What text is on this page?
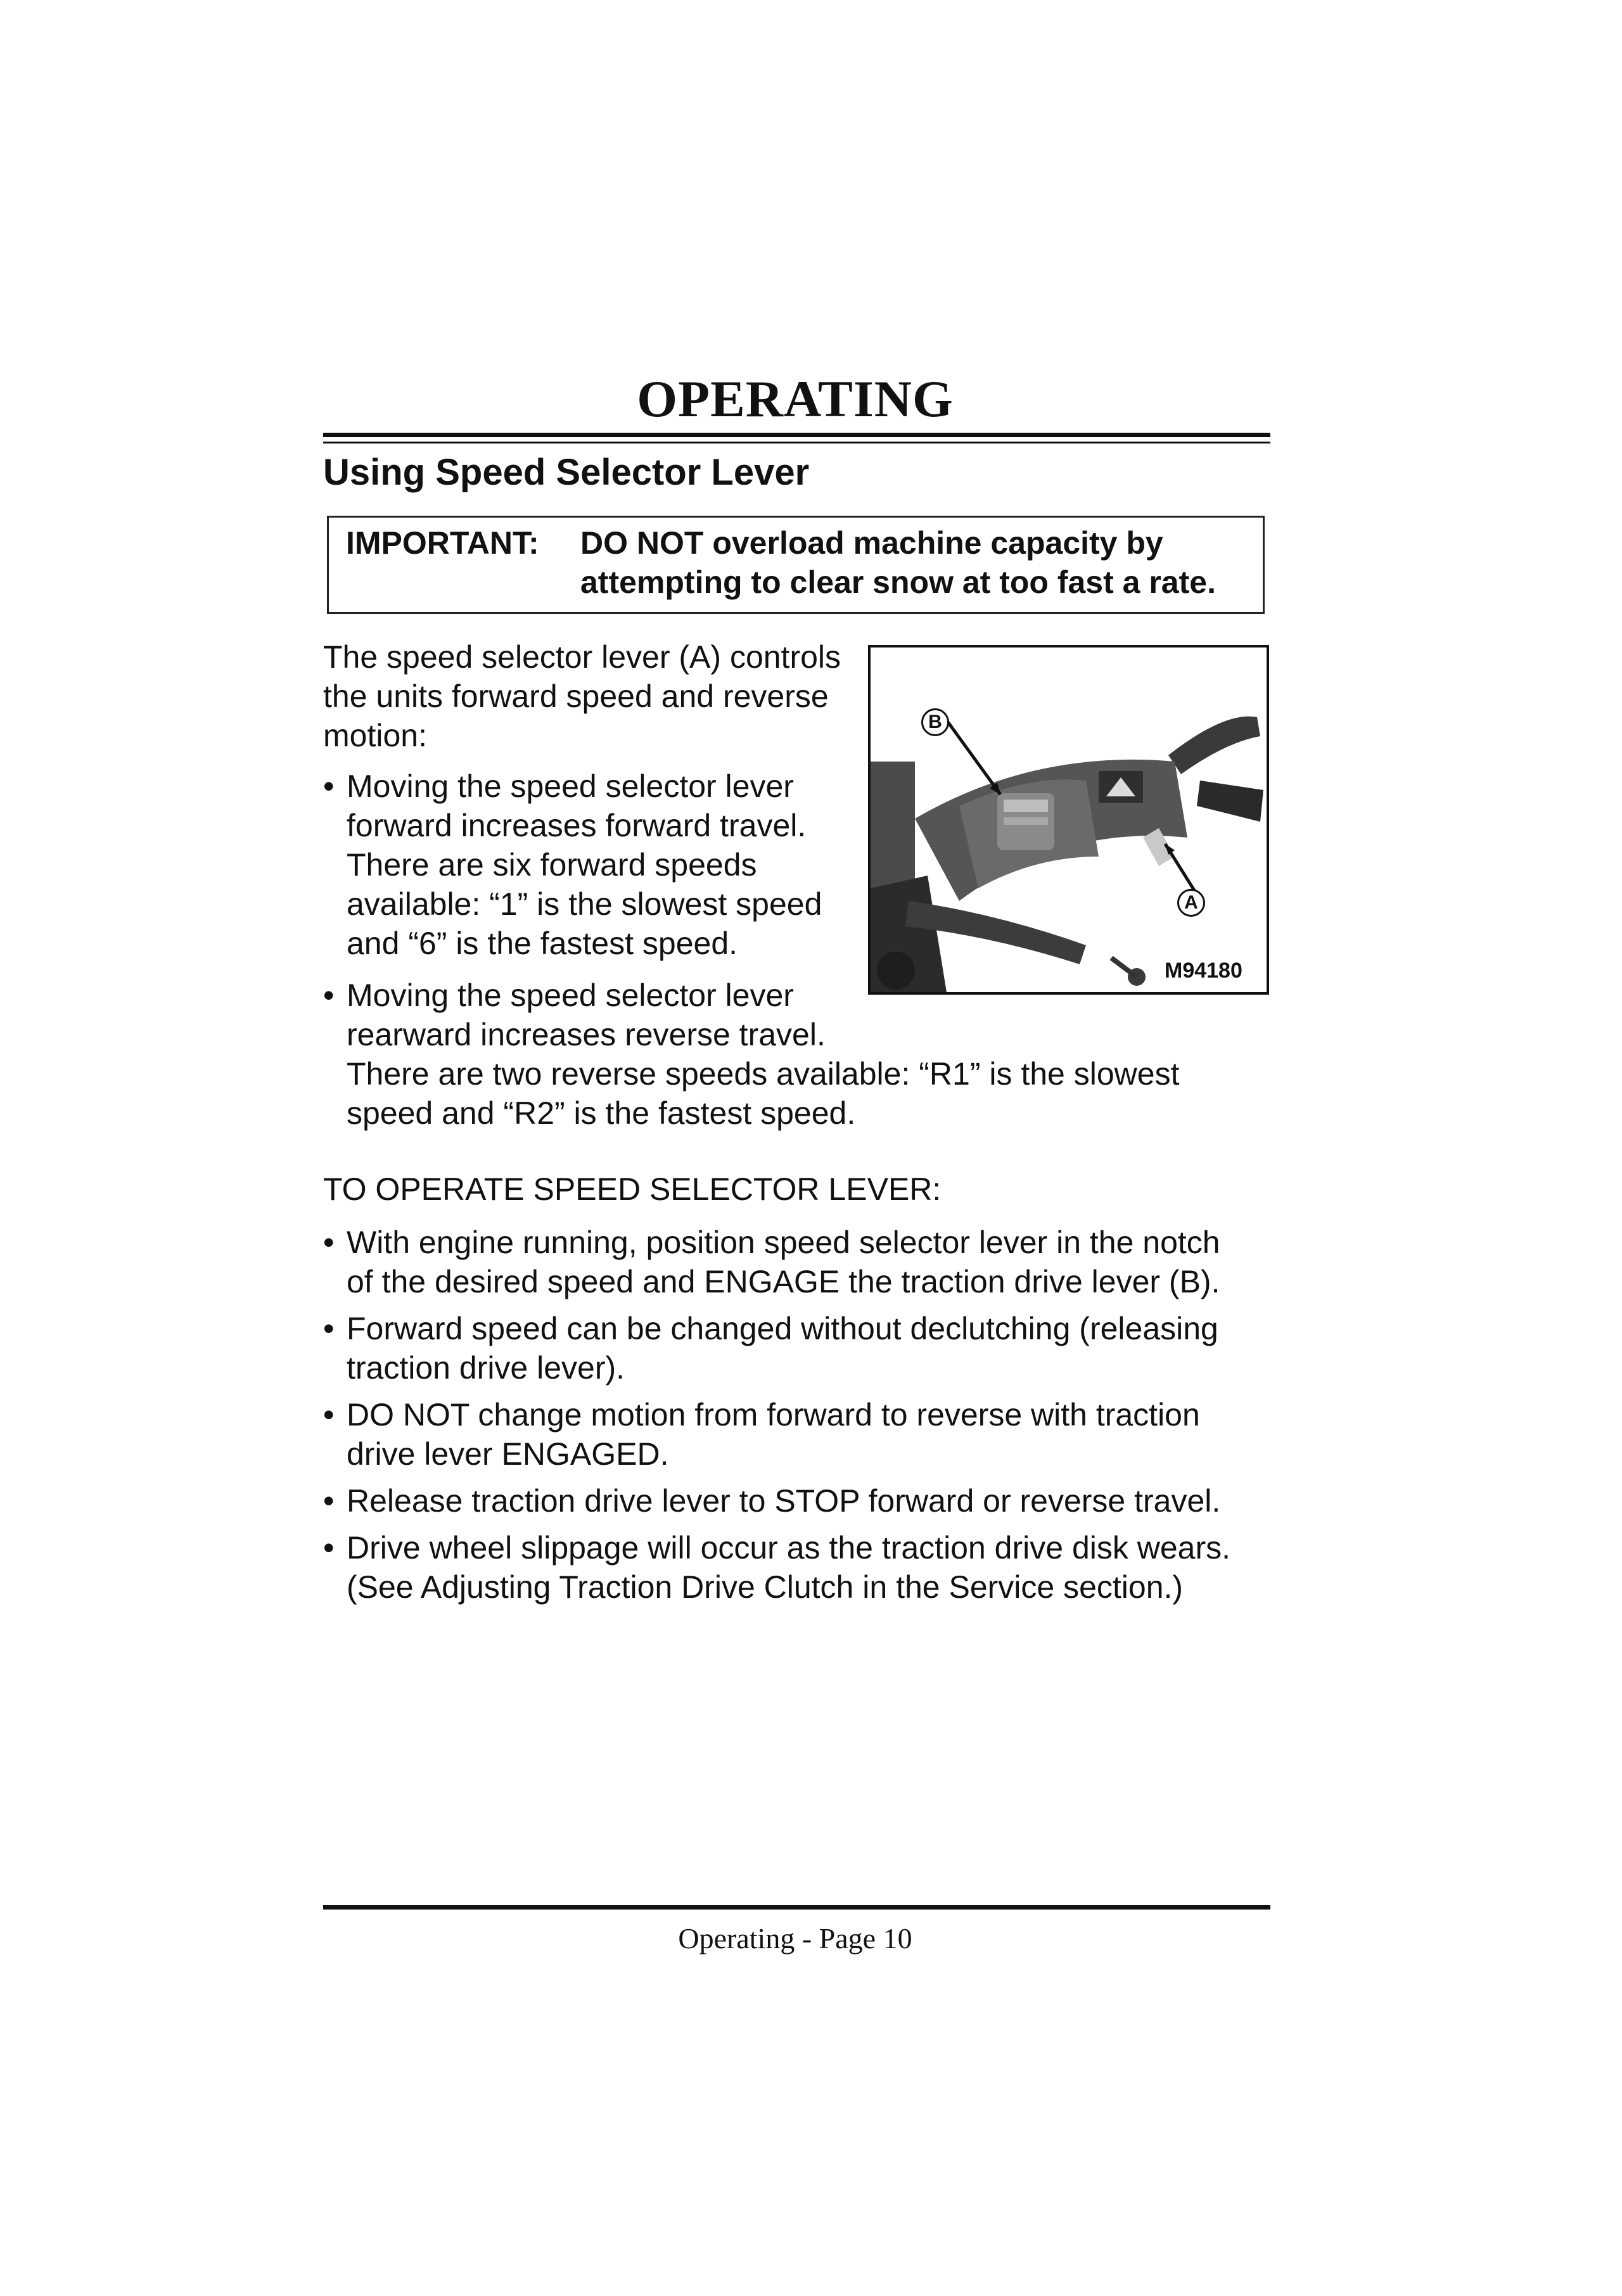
OPERATING
Using Speed Selector Lever
IMPORTANT: DO NOT overload machine capacity by attempting to clear snow at too fast a rate.
The speed selector lever (A) controls the units forward speed and reverse motion:
• Moving the speed selector lever
forward increases forward travel.
There are six forward speeds
available: “1” is the slowest speed
and “6” is the fastest speed.
• Moving the speed selector lever
rearward increases reverse travel.
There are two reverse speeds available: “R1” is the slowest
speed and “R2” is the fastest speed.
B
A
M94180
TO OPERATE SPEED SELECTOR LEVER:
• With engine running, position speed selector lever in the notch
of the desired speed and ENGAGE the traction drive lever (B).
• Forward speed can be changed without declutching (releasing
traction drive lever).
• DO NOT change motion from forward to reverse with traction
drive lever ENGAGED.
• Release traction drive lever to STOP forward or reverse travel.
• Drive wheel slippage will occur as the traction drive disk wears.
(See Adjusting Traction Drive Clutch in the Service section.)
Operating - Page 10
